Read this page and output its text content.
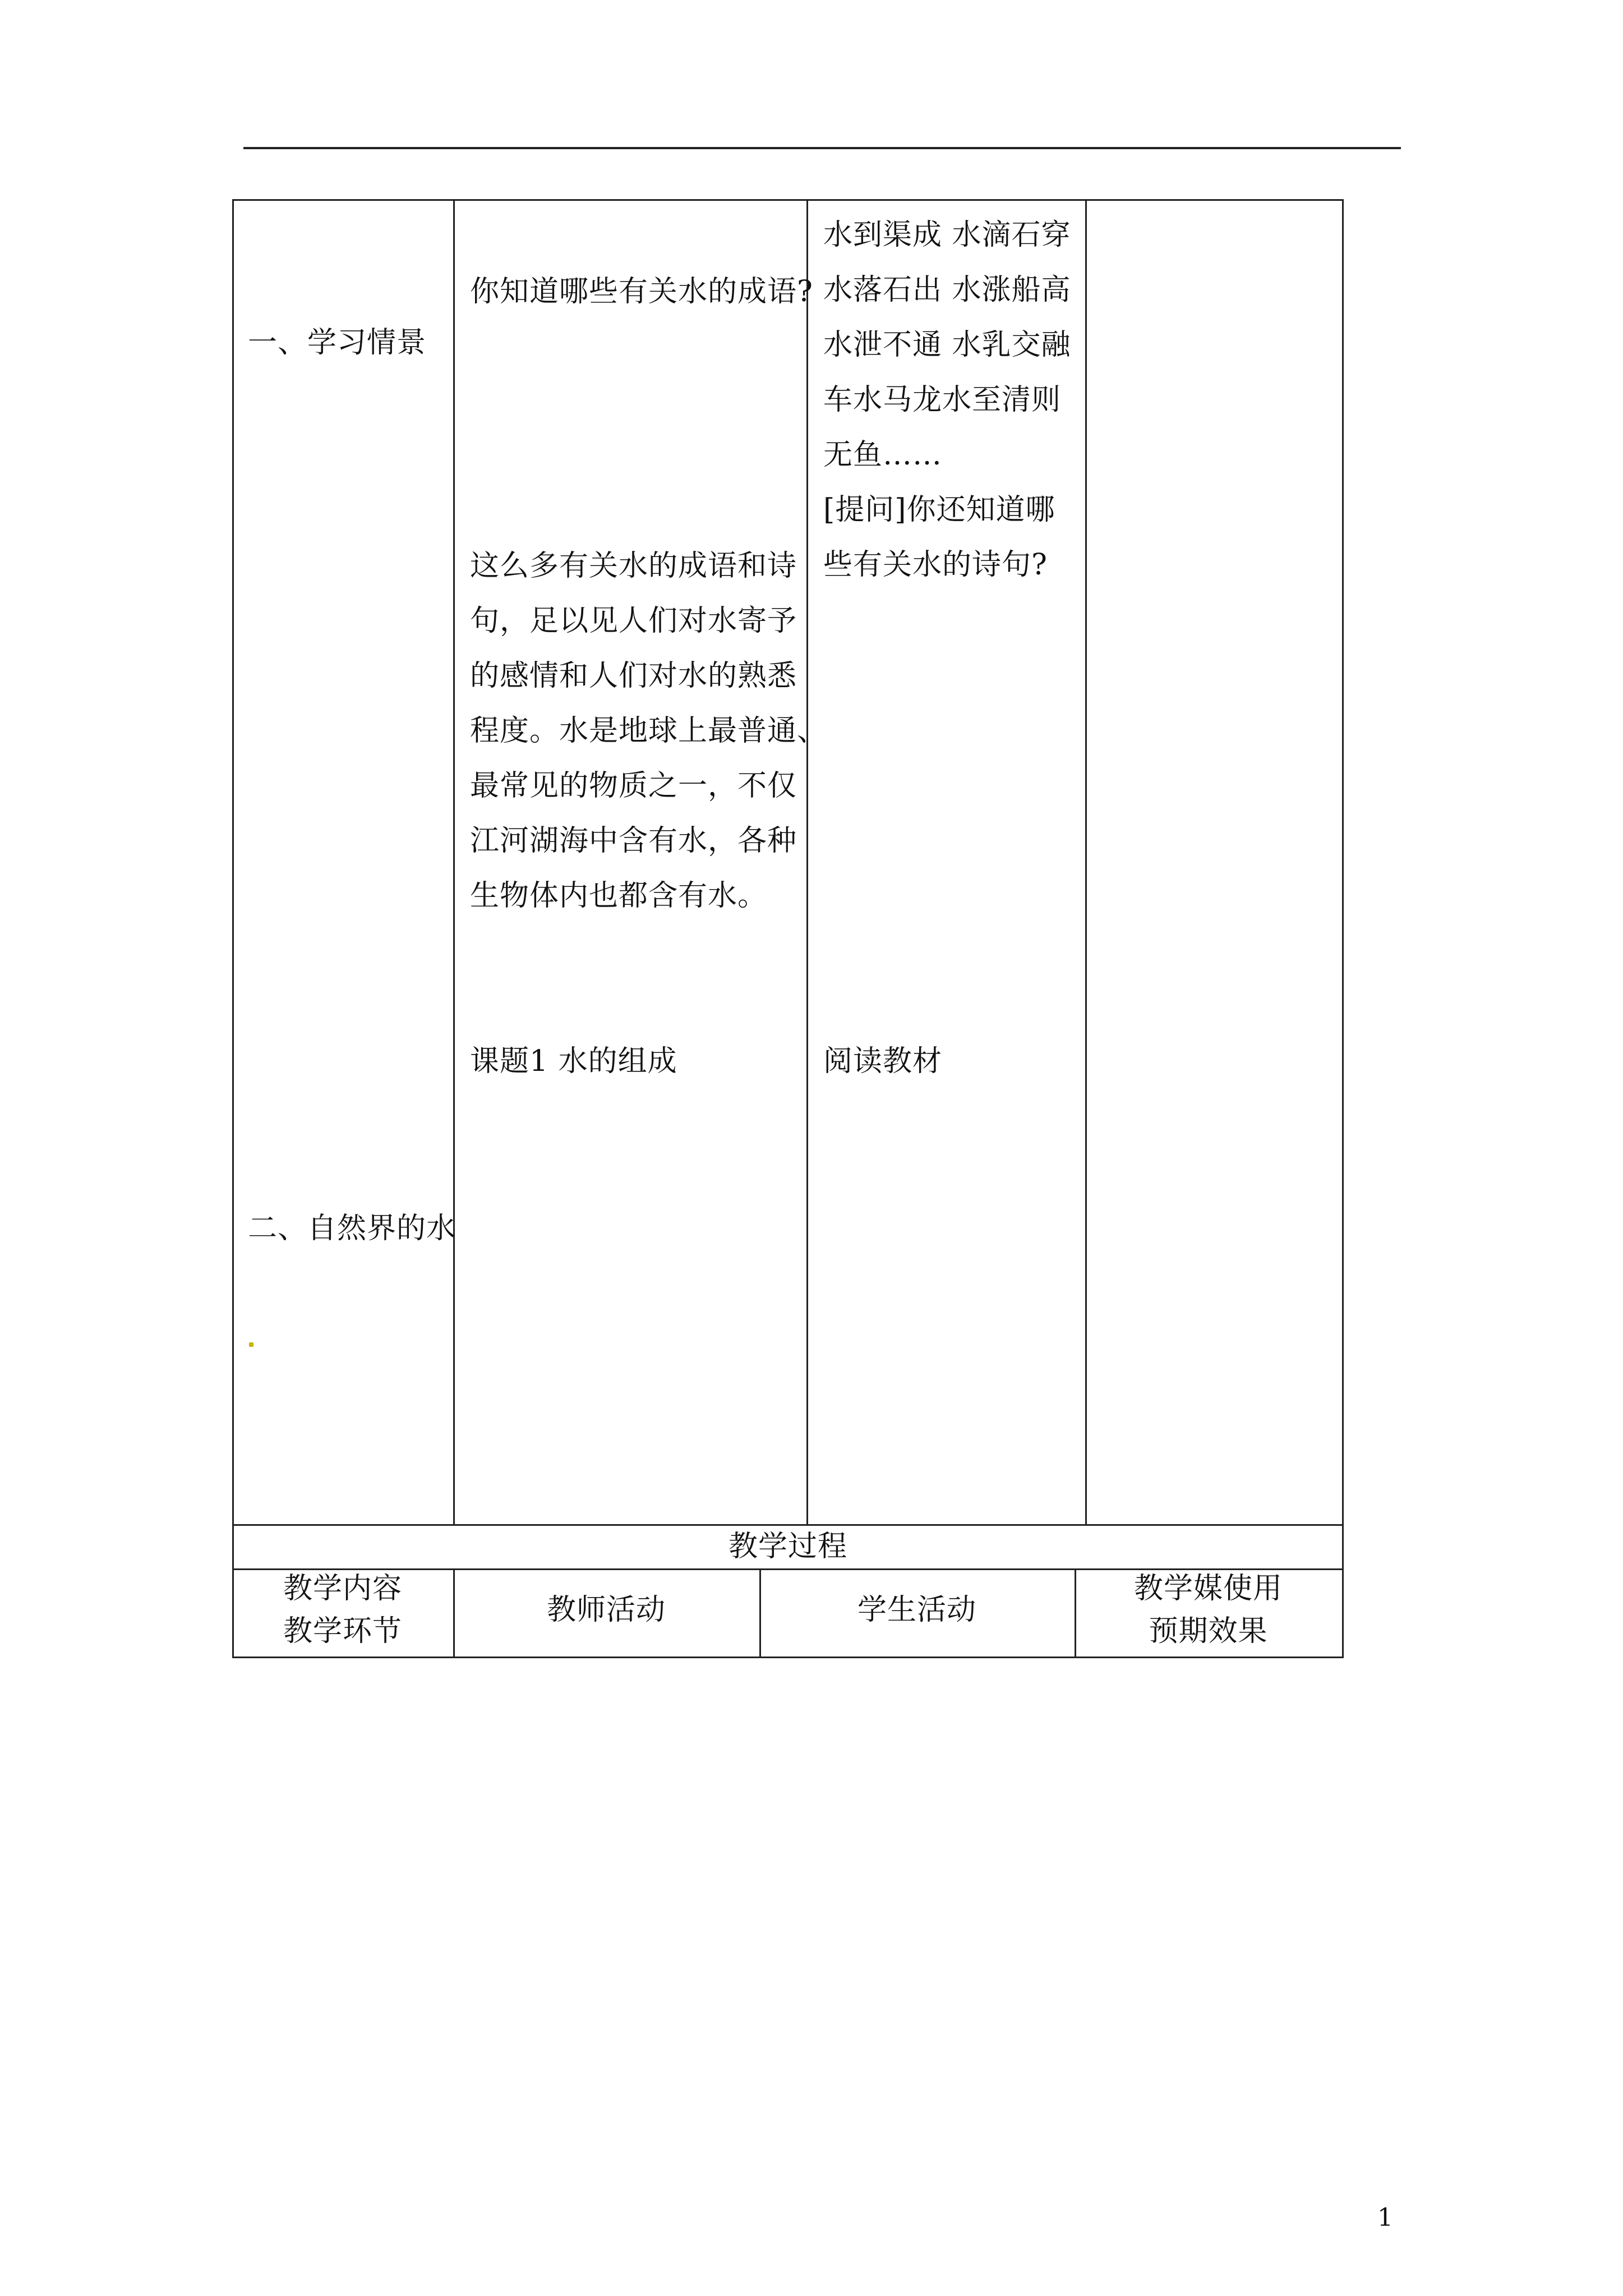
一、学习情景
你知道哪些有关水的成语?
水到渠成 水滴石穿
水落石出 水涨船高
水泄不通 水乳交融
车水马龙水至清则
无鱼……
[提问]你还知道哪
些有关水的诗句?
这么多有关水的成语和诗
句，足以见人们对水寄予
的感情和人们对水的熟悉
程度。水是地球上最普通、
最常见的物质之一，不仅
江河湖海中含有水，各种
生物体内也都含有水。
课题1 水的组成	阅读教材
二、自然界的水
教学过程
教学内容
教学环节
教师活动	学生活动
教学媒使用
预期效果
1
